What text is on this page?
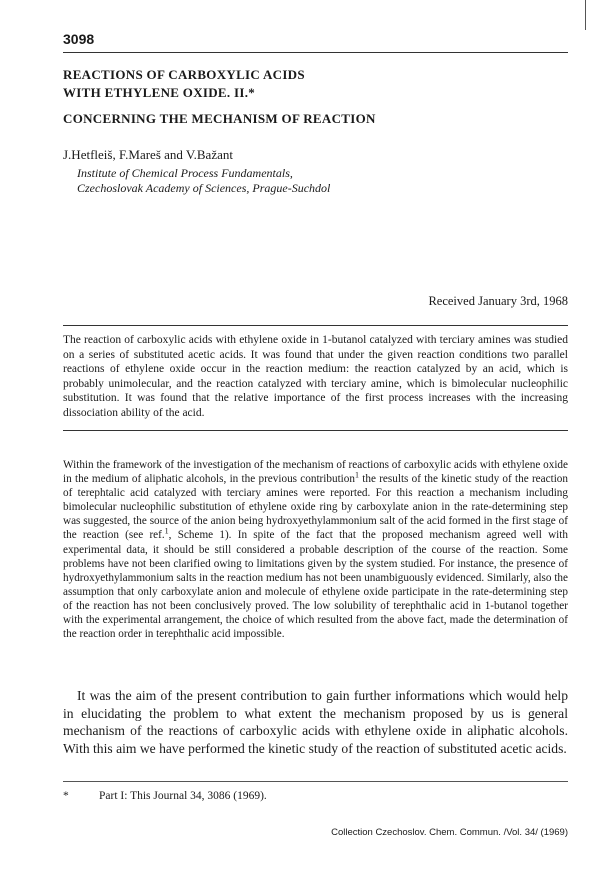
3098
REACTIONS OF CARBOXYLIC ACIDS
WITH ETHYLENE OXIDE. II.*
CONCERNING THE MECHANISM OF REACTION
J.Hetfleiš, F.Mareš and V.Bažant
Institute of Chemical Process Fundamentals,
Czechoslovak Academy of Sciences, Prague-Suchdol
Received January 3rd, 1968
The reaction of carboxylic acids with ethylene oxide in 1-butanol catalyzed with terciary amines was studied on a series of substituted acetic acids. It was found that under the given reaction conditions two parallel reactions of ethylene oxide occur in the reaction medium: the reaction catalyzed by an acid, which is probably unimolecular, and the reaction catalyzed with terciary amine, which is bimolecular nucleophilic substitution. It was found that the relative importance of the first process increases with the increasing dissociation ability of the acid.
Within the framework of the investigation of the mechanism of reactions of carboxylic acids with ethylene oxide in the medium of aliphatic alcohols, in the previous contribution$^1$ the results of the kinetic study of the reaction of terephtalic acid catalyzed with terciary amines were reported. For this reaction a mechanism including bimolecular nucleophilic substitution of ethylene oxide ring by carboxylate anion in the rate-determining step was suggested, the source of the anion being hydroxyethylammonium salt of the acid formed in the first stage of the reaction (see ref.$^1$, Scheme 1). In spite of the fact that the proposed mechanism agreed well with experimental data, it should be still considered a probable description of the course of the reaction. Some problems have not been clarified owing to limitations given by the system studied. For instance, the presence of hydroxyethylammonium salts in the reaction medium has not been unambiguously evidenced. Similarly, also the assumption that only carboxylate anion and molecule of ethylene oxide participate in the rate-determining step of the reaction has not been conclusively proved. The low solubility of terephthalic acid in 1-butanol together with the experimental arrangement, the choice of which resulted from the above fact, made the determination of the reaction order in terephthalic acid impossible.
It was the aim of the present contribution to gain further informations which would help in elucidating the problem to what extent the mechanism proposed by us is general mechanism of the reactions of carboxylic acids with ethylene oxide in aliphatic alcohols. With this aim we have performed the kinetic study of the reaction of substituted acetic acids.
*	Part I: This Journal 34, 3086 (1969).
Collection Czechoslov. Chem. Commun. /Vol. 34/ (1969)
